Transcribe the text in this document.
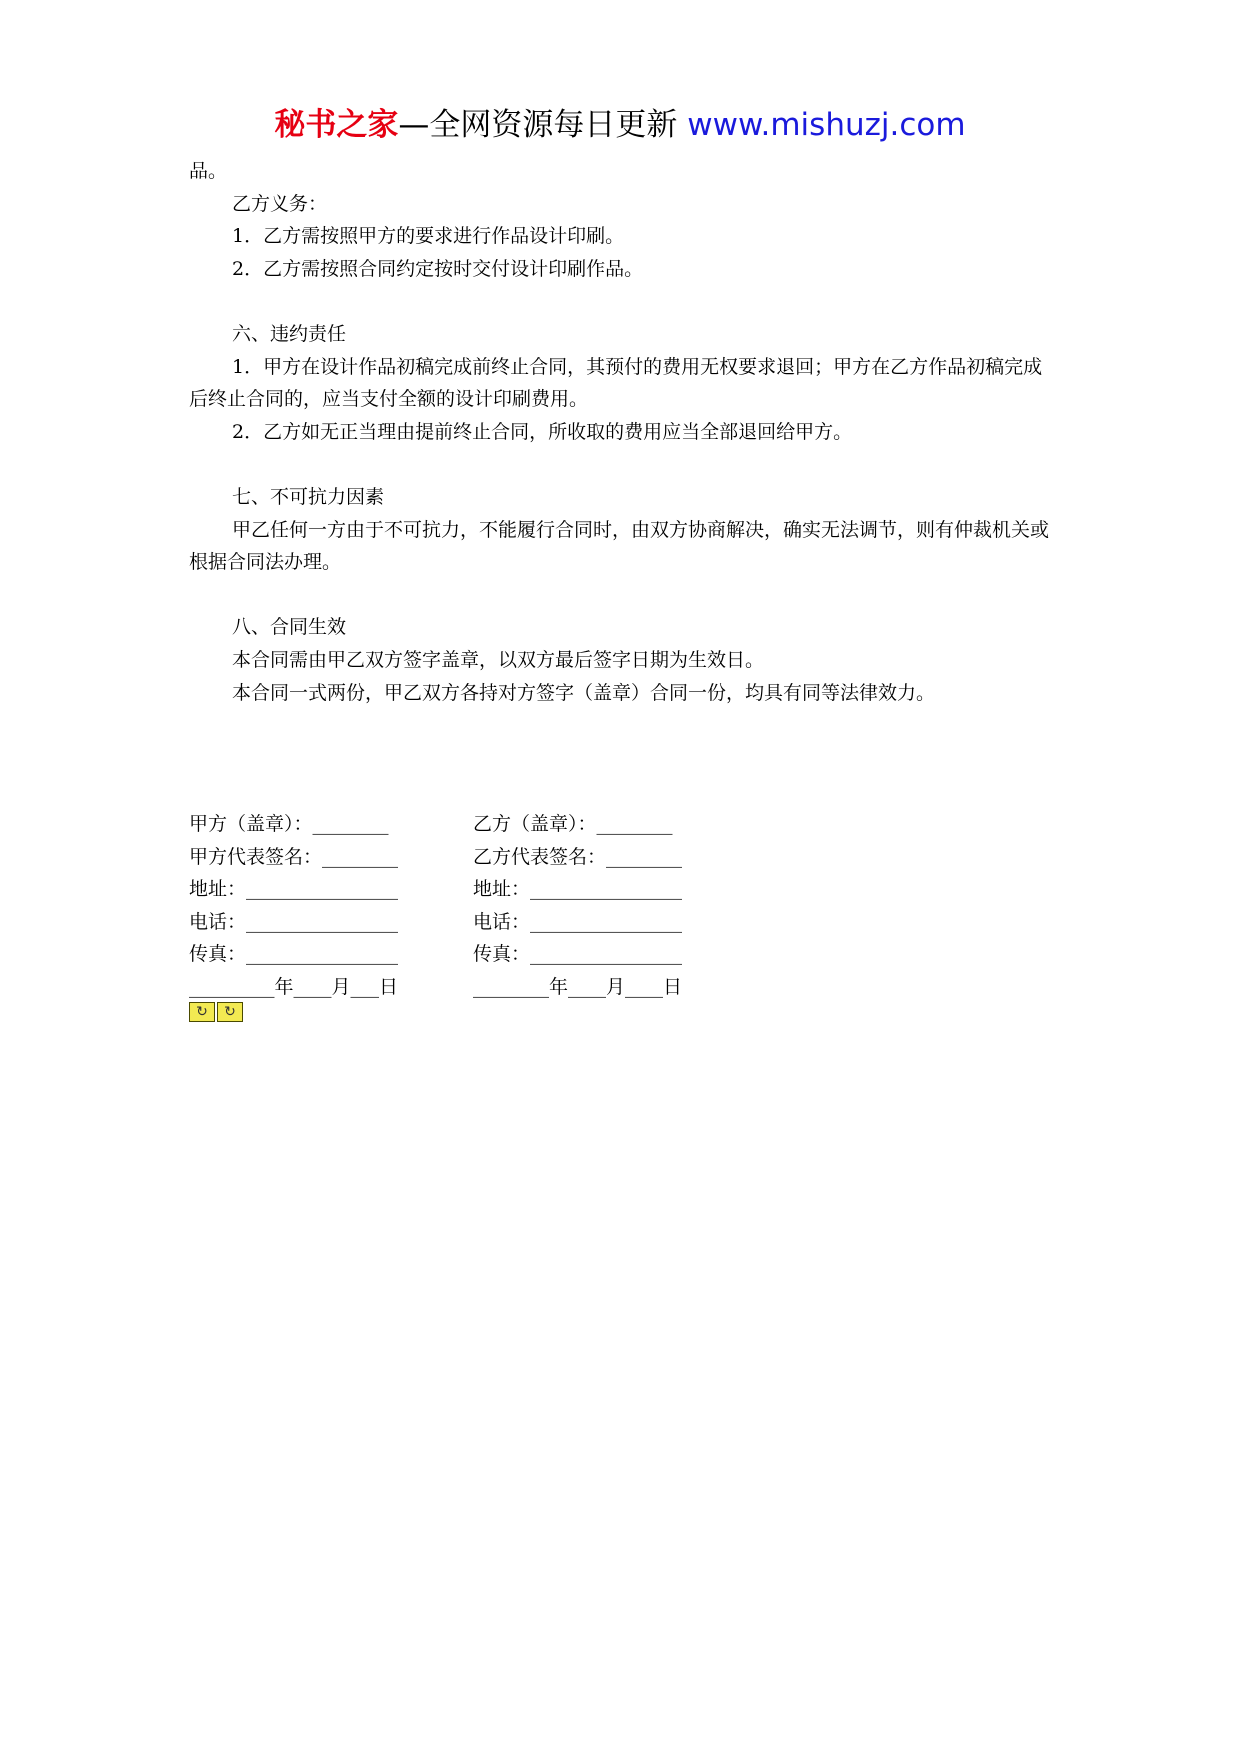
秘书之家—全网资源每日更新 www.mishuzj.com

品。

乙方义务：

1．乙方需按照甲方的要求进行作品设计印刷。

2．乙方需按照合同约定按时交付设计印刷作品。

六、违约责任

1．甲方在设计作品初稿完成前终止合同，其预付的费用无权要求退回；甲方在乙方作品初稿完成后终止合同的，应当支付全额的设计印刷费用。

2．乙方如无正当理由提前终止合同，所收取的费用应当全部退回给甲方。

七、不可抗力因素

甲乙任何一方由于不可抗力，不能履行合同时，由双方协商解决，确实无法调节，则有仲裁机关或根据合同法办理。

八、合同生效

本合同需由甲乙双方签字盖章，以双方最后签字日期为生效日。

本合同一式两份，甲乙双方各持对方签字（盖章）合同一份，均具有同等法律效力。

甲方（盖章）：________	乙方（盖章）：________
甲方代表签名：________	乙方代表签名：________
地址：________________	地址：________________
电话：________________	电话：________________
传真：________________	传真：________________
_________年____月___日	________年____月____日
↻	↻
